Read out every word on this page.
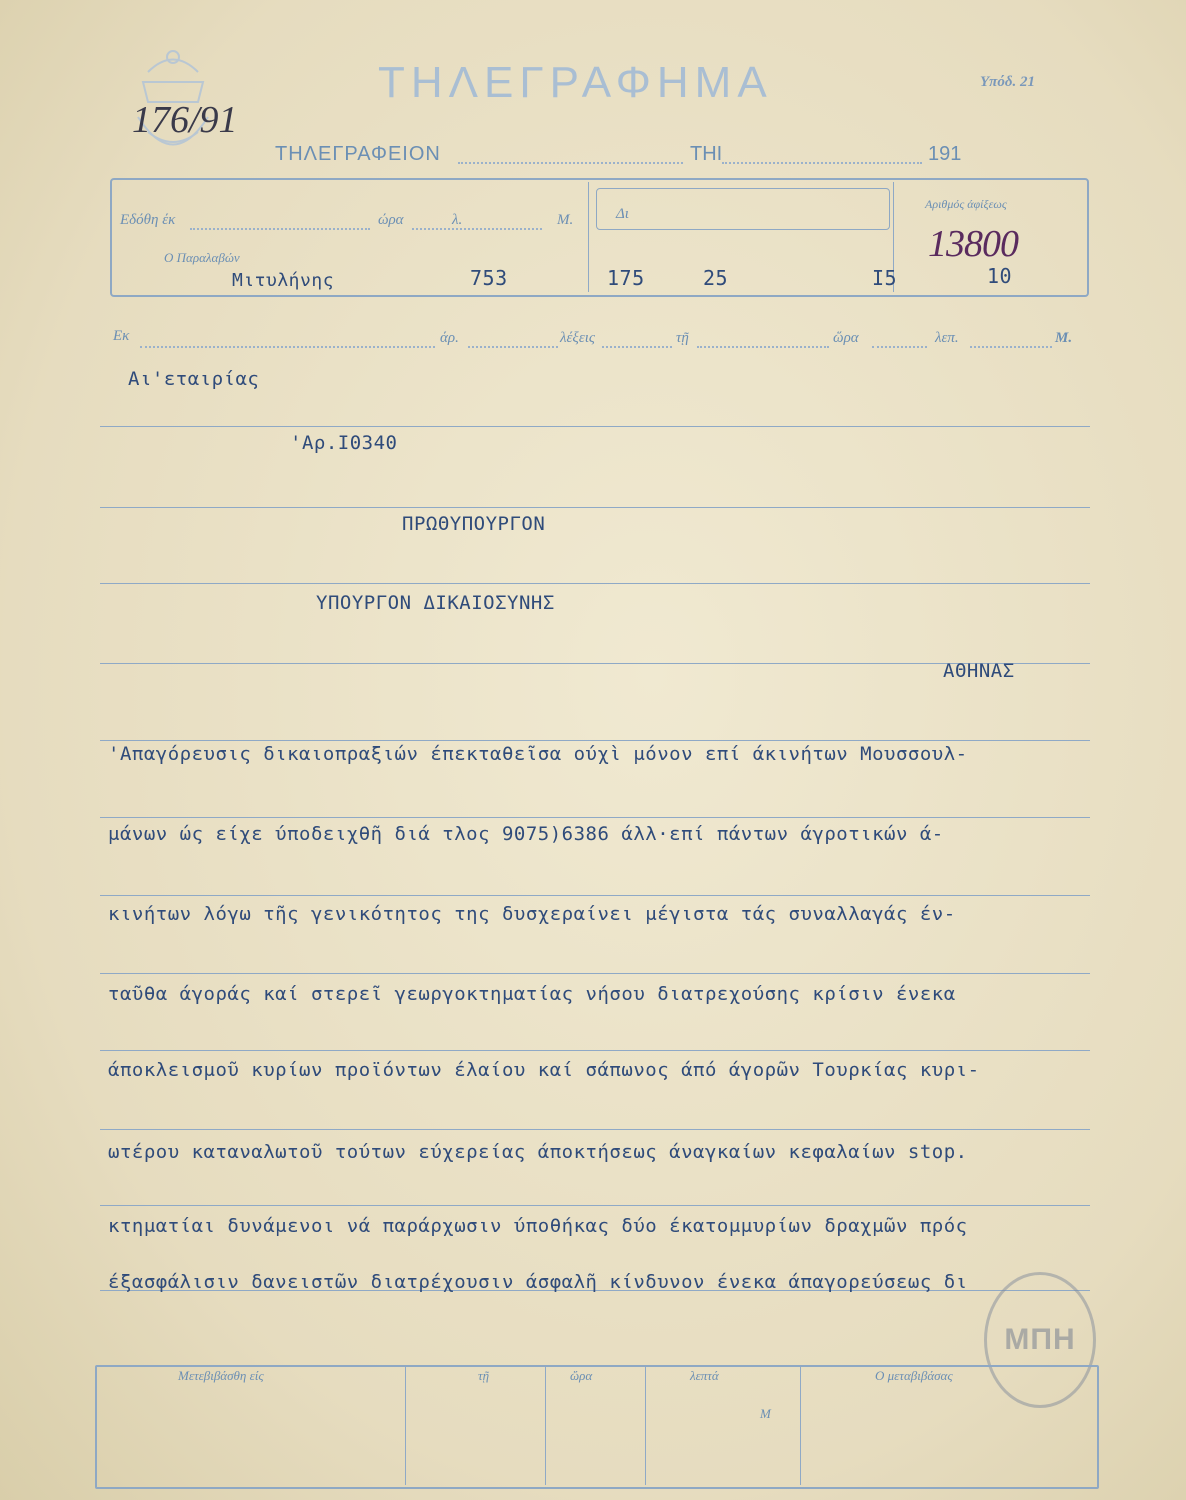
ΤΗΛΕΓΡΑΦΗΜΑ	Υπόδ. 21
176/91
ΤΗΛΕΓΡΑΦΕΙΟΝ	ΤΗΙ	191
Εδόθη έκ	ώρα	λ.	Μ.	Δι
Αριθμός άφίξεως
13800
Ο Παραλαβών
Μιτυλήνης	753	175	25	I5	10
Εκ	άρ.	λέξεις	τῇ	ὥρα	λεπ.	Μ.
Αι'εταιρίας
'Αρ.I0340
ΠΡΩΘΥΠΟΥΡΓΟΝ
ΥΠΟΥΡΓΟΝ ΔΙΚΑΙΟΣΥΝΗΣ
ΑΘΗΝΑΣ
'Απαγόρευσις δικαιοπραξιών έπεκταθεῖσα ούχὶ μόνον επί άκινήτων Μουσσουλ-
μάνων ώς είχε ύποδειχθῆ διά τλος 9075)6386 άλλ·επί πάντων άγροτικών ά-
κινήτων λόγω τῆς γενικότητος της δυσχεραίνει μέγιστα τάς συναλλαγάς έν-
ταῦθα άγοράς καί στερεῖ γεωργοκτηματίας νήσου διατρεχούσης κρίσιν ένεκα
άποκλεισμοῦ κυρίων προϊόντων έλαίου καί σάπωνος άπό άγορῶν Τουρκίας κυρι-
ωτέρου καταναλωτοῦ τούτων εύχερείας άποκτήσεως άναγκαίων κεφαλαίων stop.
κτηματίαι δυνάμενοι νά παράρχωσιν ύποθήκας δύο έκατομμυρίων δραχμῶν πρός
έξασφάλισιν δανειστῶν διατρέχουσιν άσφαλῆ κίνδυνον ένεκα άπαγορεύσεως δι
ΜΠΗ
Μετεβιβάσθη είς	τῇ	ὥρα	λεπτά
Μ
Ο μεταβιβάσας
